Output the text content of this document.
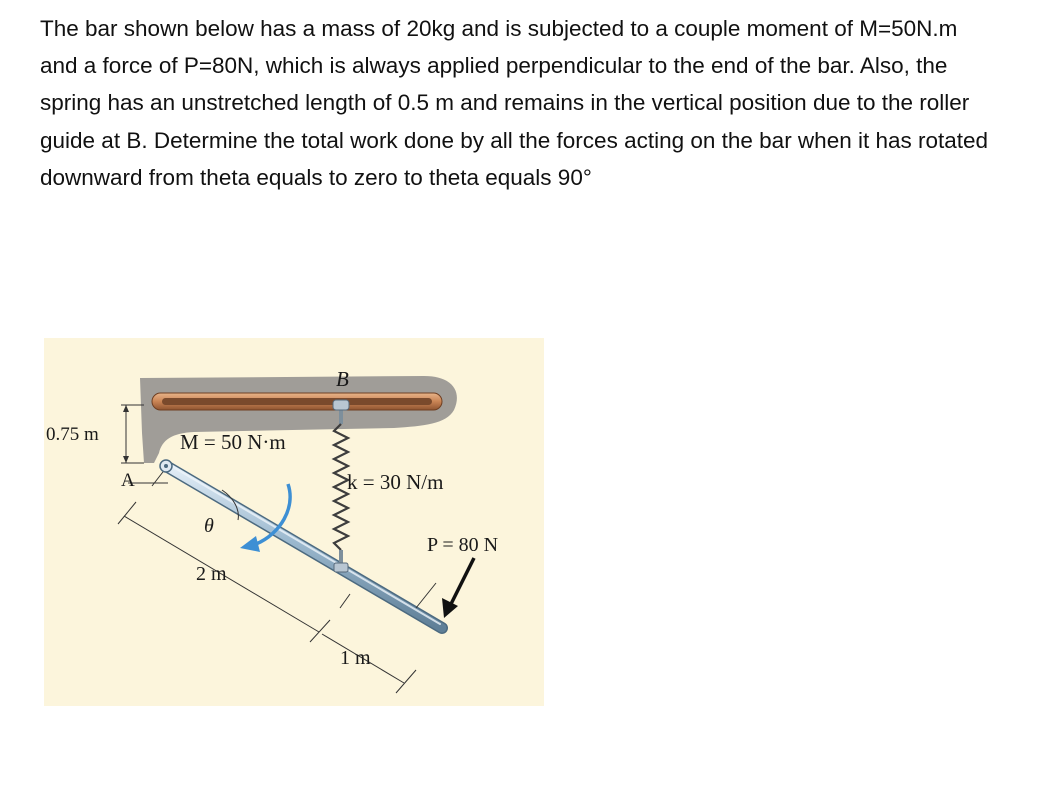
The bar shown below has a mass of 20kg and is subjected to a couple moment of M=50N.m and a force of P=80N, which is always applied perpendicular to the end of the bar. Also, the spring has an unstretched length of 0.5 m and remains in the vertical position due to the roller guide at B. Determine the total work done by all the forces acting on the bar when it has rotated downward from theta equals to zero to theta equals 90°

0.75 m
A
B
k = 30 N/m
M = 50 N·m
θ
P = 80 N
2 m
1 m
